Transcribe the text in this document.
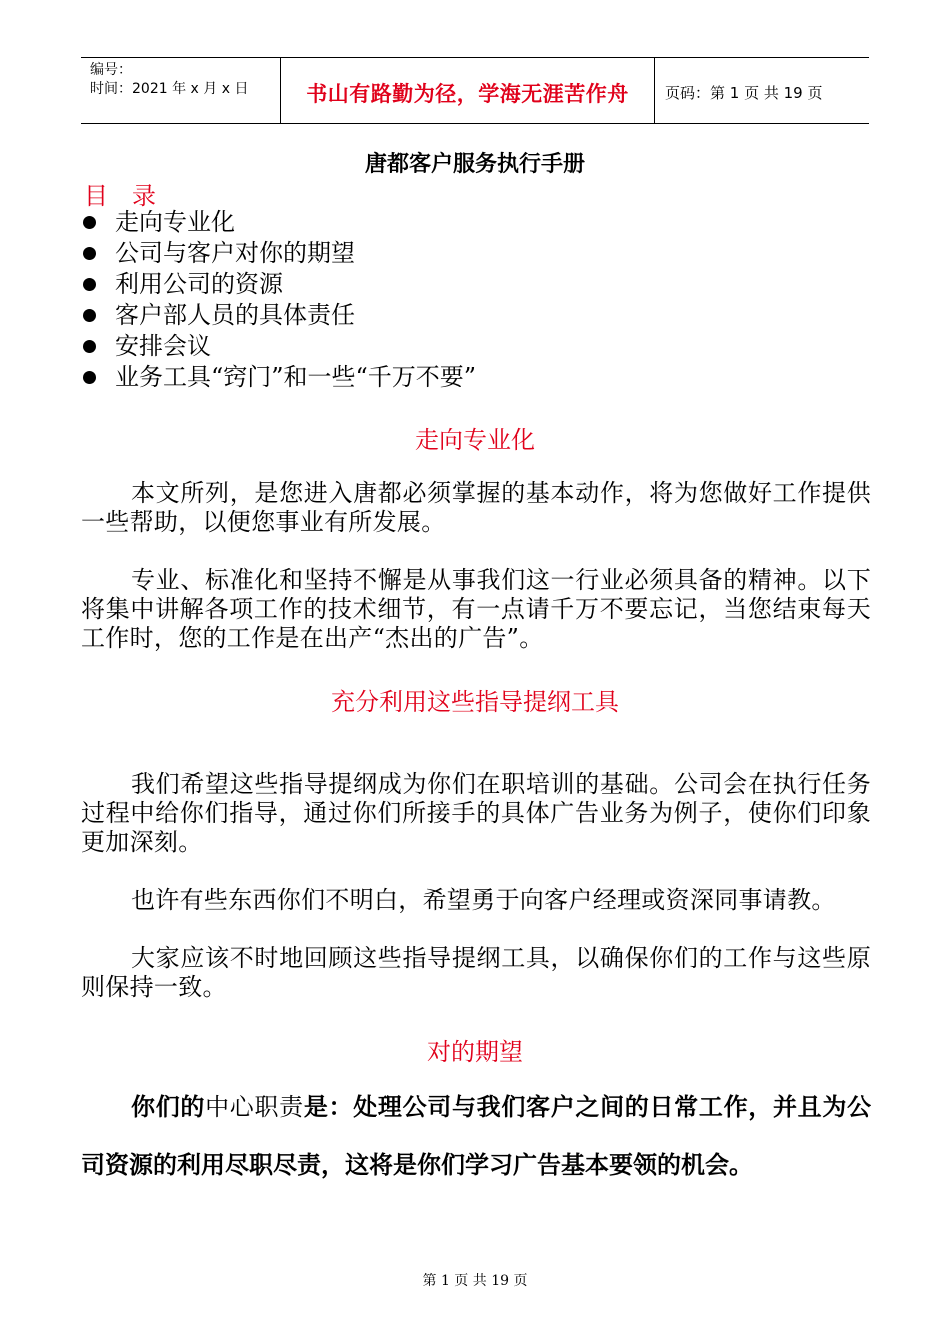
编号：
时间：2021 年 x 月 x 日	书山有路勤为径，学海无涯苦作舟	页码：第 1 页 共 19 页
唐都客户服务执行手册
目录
走向专业化
公司与客户对你的期望
利用公司的资源
客户部人员的具体责任
安排会议
业务工具“窍门”和一些“千万不要”
走向专业化
本文所列，是您进入唐都必须掌握的基本动作，将为您做好工作提供一些帮助，以便您事业有所发展。
专业、标准化和坚持不懈是从事我们这一行业必须具备的精神。以下将集中讲解各项工作的技术细节，有一点请千万不要忘记，当您结束每天工作时，您的工作是在出产“杰出的广告”。
充分利用这些指导提纲工具
我们希望这些指导提纲成为你们在职培训的基础。公司会在执行任务过程中给你们指导，通过你们所接手的具体广告业务为例子，使你们印象更加深刻。
也许有些东西你们不明白，希望勇于向客户经理或资深同事请教。
大家应该不时地回顾这些指导提纲工具，以确保你们的工作与这些原则保持一致。
对的期望
你们的中心职责是：处理公司与我们客户之间的日常工作，并且为公司资源的利用尽职尽责，这将是你们学习广告基本要领的机会。
第 1 页 共 19 页
